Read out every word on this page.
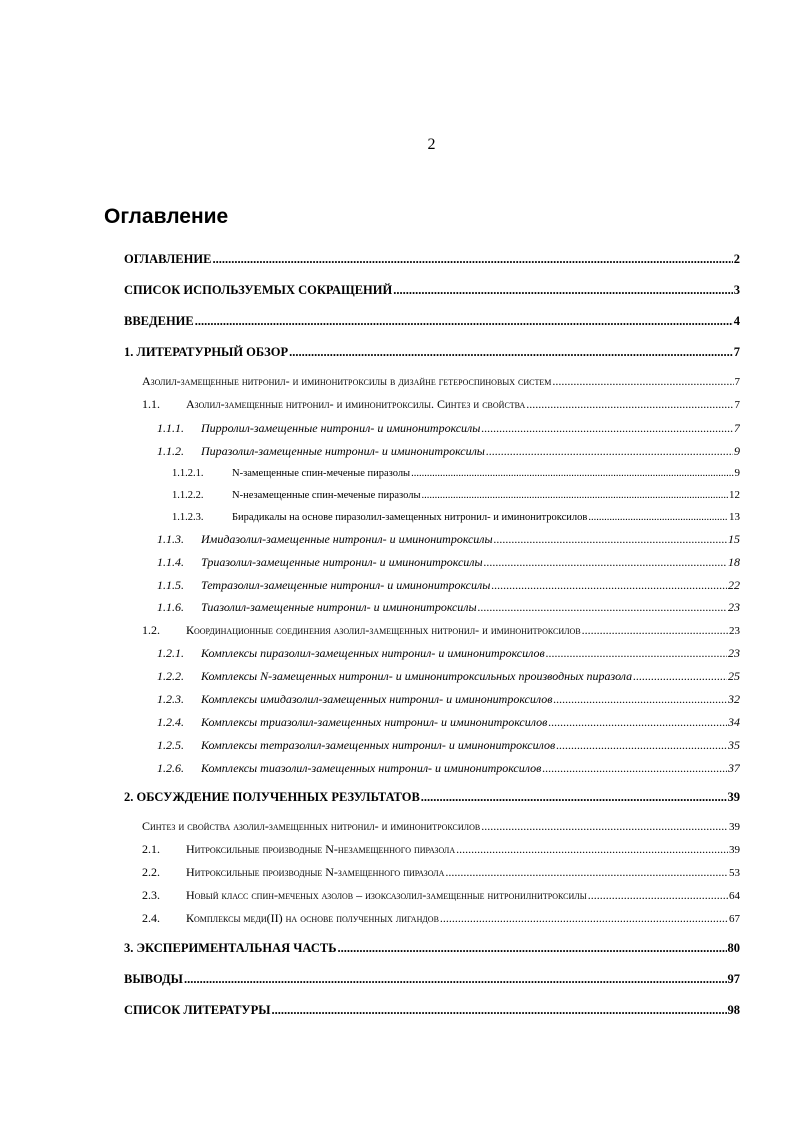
2
Оглавление
ОГЛАВЛЕНИЕ .....	2
СПИСОК ИСПОЛЬЗУЕМЫХ СОКРАЩЕНИЙ .....	3
ВВЕДЕНИЕ .....	4
1. ЛИТЕРАТУРНЫЙ ОБЗОР .....	7
Азолил-замещенные нитронил- и иминонитроксилы в дизайне гетероспиновых систем .....	7
1.1.	Азолил-замещенные нитронил- и иминонитроксилы. Синтез и свойства .....	7
1.1.1.	Пирролил-замещенные нитронил- и иминонитроксилы .....	7
1.1.2.	Пиразолил-замещенные нитронил- и иминонитроксилы .....	9
1.1.2.1.	N-замещенные спин-меченые пиразолы .....	9
1.1.2.2.	N-незамещенные спин-меченые пиразолы .....	12
1.1.2.3.	Бирадикалы на основе пиразолил-замещенных нитронил- и иминонитроксилов .....	13
1.1.3.	Имидазолил-замещенные нитронил- и иминонитроксилы .....	15
1.1.4.	Триазолил-замещенные нитронил- и иминонитроксилы .....	18
1.1.5.	Тетразолил-замещенные нитронил- и иминонитроксилы .....	22
1.1.6.	Тиазолил-замещенные нитронил- и иминонитроксилы .....	23
1.2.	Координационные соединения азолил-замещенных нитронил- и иминонитроксилов .....	23
1.2.1.	Комплексы пиразолил-замещенных нитронил- и иминонитроксилов .....	23
1.2.2.	Комплексы N-замещенных нитронил- и иминонитроксильных производных пиразола .....	25
1.2.3.	Комплексы имидазолил-замещенных нитронил- и иминонитроксилов .....	32
1.2.4.	Комплексы триазолил-замещенных нитронил- и иминонитроксилов .....	34
1.2.5.	Комплексы тетразолил-замещенных нитронил- и иминонитроксилов .....	35
1.2.6.	Комплексы тиазолил-замещенных нитронил- и иминонитроксилов .....	37
2. ОБСУЖДЕНИЕ ПОЛУЧЕННЫХ РЕЗУЛЬТАТОВ .....	39
Синтез и свойства азолил-замещенных нитронил- и иминонитроксилов .....	39
2.1.	Нитроксильные производные N-незамещенного пиразола .....	39
2.2.	Нитроксильные производные N-замещенного пиразола .....	53
2.3.	Новый класс спин-меченых азолов – изоксазолил-замещенные нитронилнитроксилы .....	64
2.4.	Комплексы меди(II) на основе полученных лигандов .....	67
3. ЭКСПЕРИМЕНТАЛЬНАЯ ЧАСТЬ .....	80
ВЫВОДЫ .....	97
СПИСОК ЛИТЕРАТУРЫ .....	98
